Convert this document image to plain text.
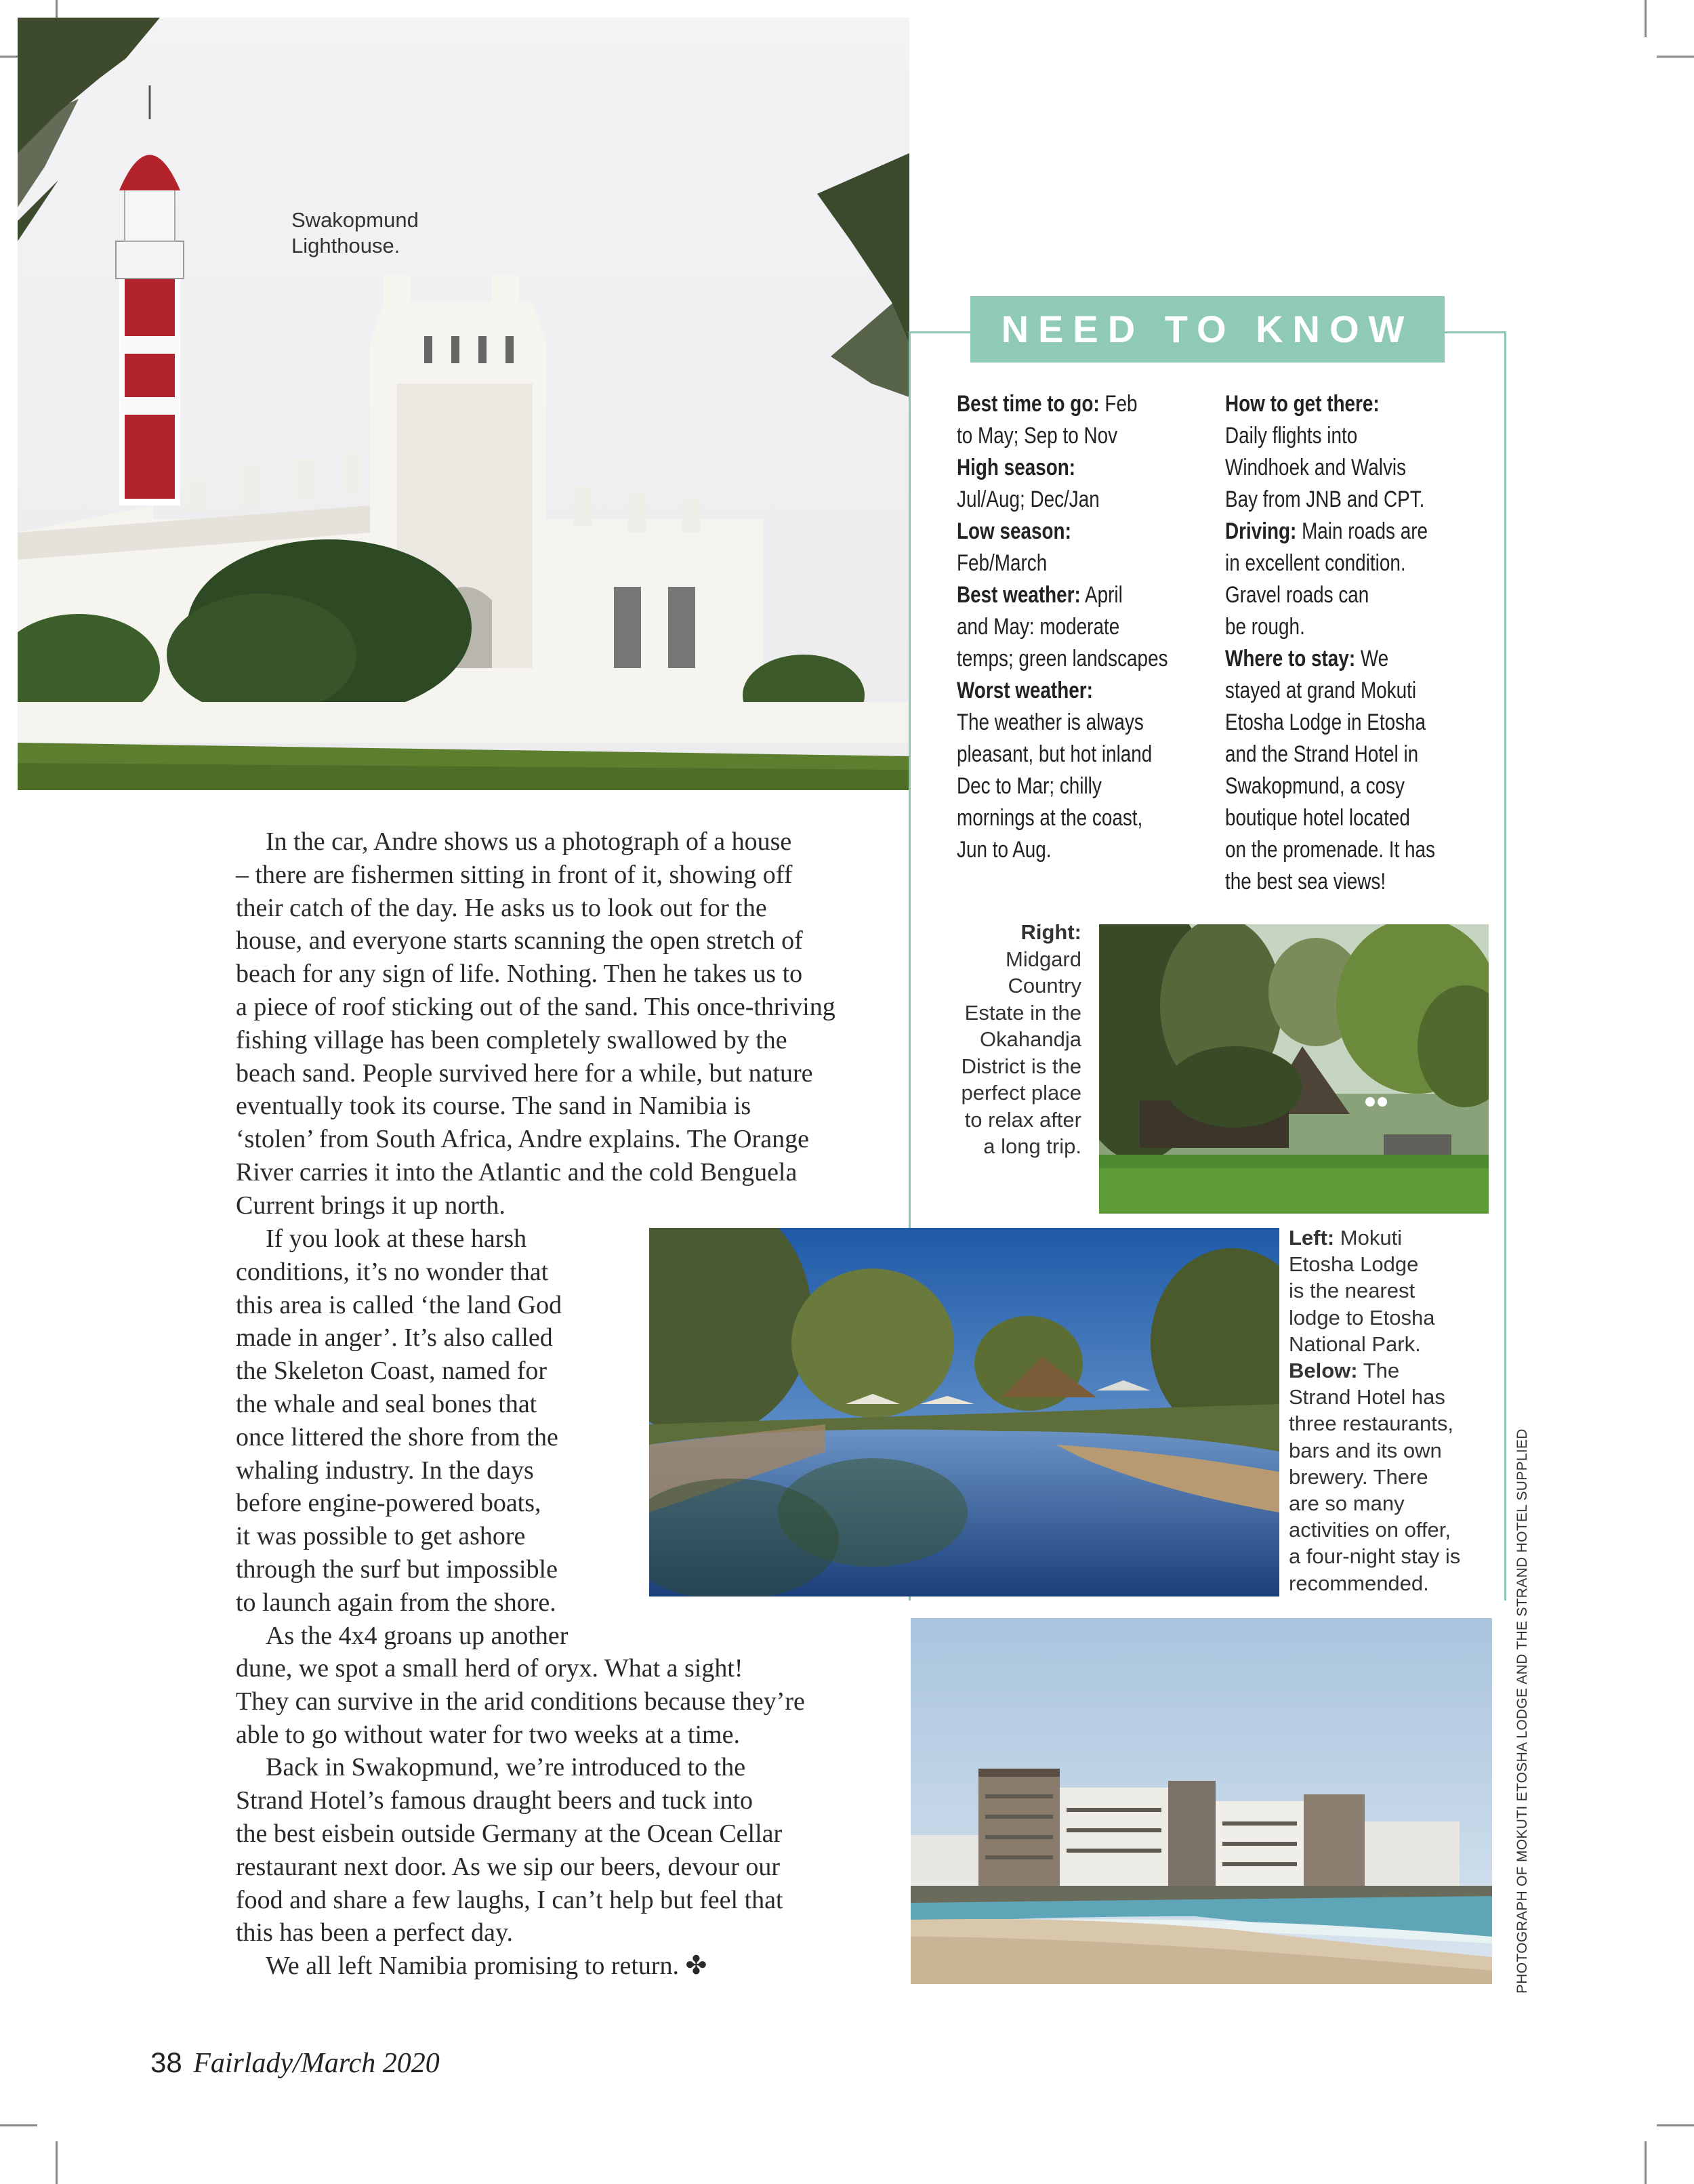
Swakopmund
Lighthouse.
NEED TO KNOW
Best time to go: Feb
to May; Sep to Nov
High season:
Jul/Aug; Dec/Jan
Low season:
Feb/March
Best weather: April
and May: moderate
temps; green landscapes
Worst weather:
The weather is always
pleasant, but hot inland
Dec to Mar; chilly
mornings at the coast,
Jun to Aug.
How to get there:
Daily flights into
Windhoek and Walvis
Bay from JNB and CPT.
Driving: Main roads are
in excellent condition.
Gravel roads can
be rough.
Where to stay: We
stayed at grand Mokuti
Etosha Lodge in Etosha
and the Strand Hotel in
Swakopmund, a cosy
boutique hotel located
on the promenade. It has
the best sea views!
Right:
Midgard
Country
Estate in the
Okahandja
District is the
perfect place
to relax after
a long trip.
Left: Mokuti
Etosha Lodge
is the nearest
lodge to Etosha
National Park.
Below: The
Strand Hotel has
three restaurants,
bars and its own
brewery. There
are so many
activities on offer,
a four-night stay is
recommended.
In the car, Andre shows us a photograph of a house
– there are fishermen sitting in front of it, showing off
their catch of the day. He asks us to look out for the
house, and everyone starts scanning the open stretch of
beach for any sign of life. Nothing. Then he takes us to
a piece of roof sticking out of the sand. This once-thriving
fishing village has been completely swallowed by the
beach sand. People survived here for a while, but nature
eventually took its course. The sand in Namibia is
‘stolen’ from South Africa, Andre explains. The Orange
River carries it into the Atlantic and the cold Benguela
Current brings it up north.
If you look at these harsh
conditions, it’s no wonder that
this area is called ‘the land God
made in anger’. It’s also called
the Skeleton Coast, named for
the whale and seal bones that
once littered the shore from the
whaling industry. In the days
before engine-powered boats,
it was possible to get ashore
through the surf but impossible
to launch again from the shore.
As the 4x4 groans up another
dune, we spot a small herd of oryx. What a sight!
They can survive in the arid conditions because they’re
able to go without water for two weeks at a time.
Back in Swakopmund, we’re introduced to the
Strand Hotel’s famous draught beers and tuck into
the best eisbein outside Germany at the Ocean Cellar
restaurant next door. As we sip our beers, devour our
food and share a few laughs, I can’t help but feel that
this has been a perfect day.
We all left Namibia promising to return. ✤
38 Fairlady/March 2020
PHOTOGRAPH OF MOKUTI ETOSHA LODGE AND THE STRAND HOTEL SUPPLIED
